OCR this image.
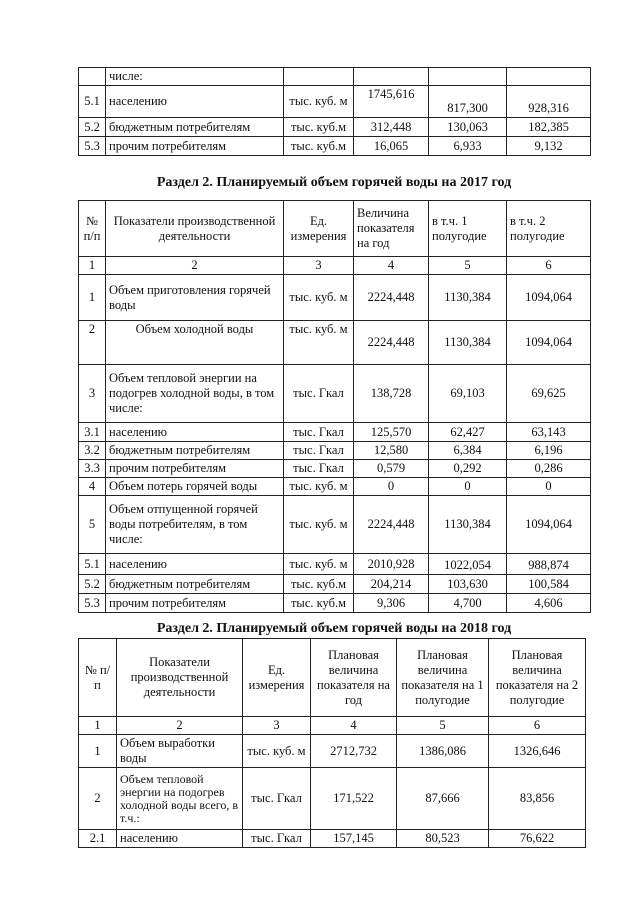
	числе:				
5.1	населению	тыс. куб. м	1745,616	817,300	928,316
5.2	бюджетным потребителям	тыс. куб.м	312,448	130,063	182,385
5.3	прочим потребителям	тыс. куб.м	16,065	6,933	9,132
Раздел 2. Планируемый объем горячей воды на 2017 год
№ п/п	Показатели производственной деятельности	Ед. измерения	Величина показателя на год	в т.ч. 1 полугодие	в т.ч. 2 полугодие
1	2	3	4	5	6
1	Объем приготовления горячей воды	тыс. куб. м	2224,448	1130,384	1094,064
2	Объем холодной воды	тыс. куб. м	2224,448	1130,384	1094,064
3	Объем тепловой энергии на подогрев холодной воды, в том числе:	тыс. Гкал	138,728	69,103	69,625
3.1	населению	тыс. Гкал	125,570	62,427	63,143
3.2	бюджетным потребителям	тыс. Гкал	12,580	6,384	6,196
3.3	прочим потребителям	тыс. Гкал	0,579	0,292	0,286
4	Объем потерь горячей воды	тыс. куб. м	0	0	0
5	Объем отпущенной горячей воды потребителям, в том числе:	тыс. куб. м	2224,448	1130,384	1094,064
5.1	населению	тыс. куб. м	2010,928	1022,054	988,874
5.2	бюджетным потребителям	тыс. куб.м	204,214	103,630	100,584
5.3	прочим потребителям	тыс. куб.м	9,306	4,700	4,606
Раздел 2. Планируемый объем горячей воды на 2018 год
№ п/п	Показатели производственной деятельности	Ед. измерения	Плановая величина показателя на год	Плановая величина показателя на 1 полугодие	Плановая величина показателя на 2 полугодие
1	2	3	4	5	6
1	Объем выработки воды	тыс. куб. м	2712,732	1386,086	1326,646
2	Объем тепловой энергии на подогрев холодной воды всего, в т.ч.:	тыс. Гкал	171,522	87,666	83,856
2.1	населению	тыс. Гкал	157,145	80,523	76,622
